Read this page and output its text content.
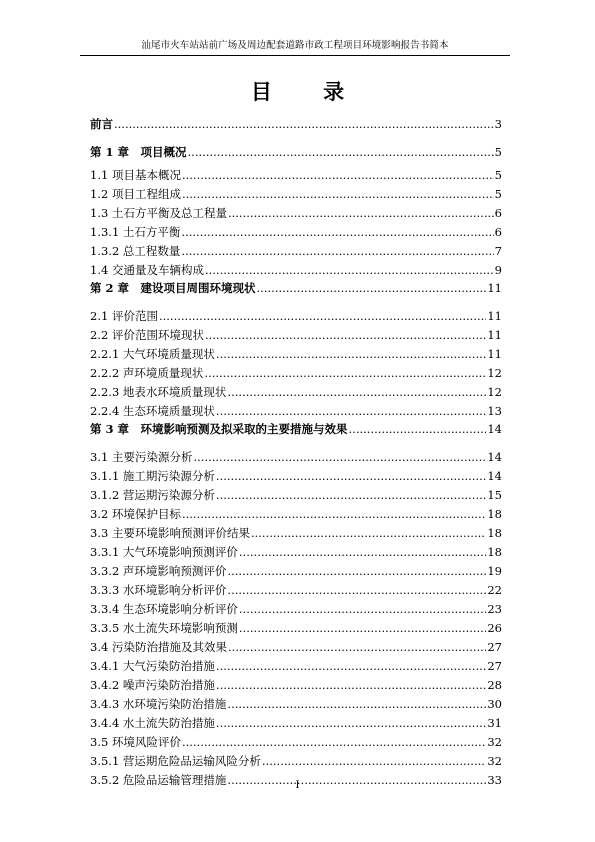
汕尾市火车站站前广场及周边配套道路市政工程项目环境影响报告书简本
目 录
前言 .....	3
第 1 章　项目概况 .....	5
1.1 项目基本概况 .....	5
1.2 项目工程组成 .....	5
1.3 土石方平衡及总工程量 .....	6
1.3.1 土石方平衡 .....	6
1.3.2 总工程数量 .....	7
1.4 交通量及车辆构成 .....	9
第 2 章　建设项目周围环境现状 .....	11
2.1 评价范围 .....	11
2.2 评价范围环境现状 .....	11
2.2.1 大气环境质量现状 .....	11
2.2.2 声环境质量现状 .....	12
2.2.3 地表水环境质量现状 .....	12
2.2.4 生态环境质量现状 .....	13
第 3 章　环境影响预测及拟采取的主要措施与效果 .....	14
3.1 主要污染源分析 .....	14
3.1.1 施工期污染源分析 .....	14
3.1.2 营运期污染源分析 .....	15
3.2 环境保护目标 .....	18
3.3 主要环境影响预测评价结果 .....	18
3.3.1 大气环境影响预测评价 .....	18
3.3.2 声环境影响预测评价 .....	19
3.3.3 水环境影响分析评价 .....	22
3.3.4 生态环境影响分析评价 .....	23
3.3.5 水土流失环境影响预测 .....	26
3.4 污染防治措施及其效果 .....	27
3.4.1 大气污染防治措施 .....	27
3.4.2 噪声污染防治措施 .....	28
3.4.3 水环境污染防治措施 .....	30
3.4.4 水土流失防治措施 .....	31
3.5 环境风险评价 .....	32
3.5.1 营运期危险品运输风险分析 .....	32
3.5.2 危险品运输管理措施 .....	33
I
